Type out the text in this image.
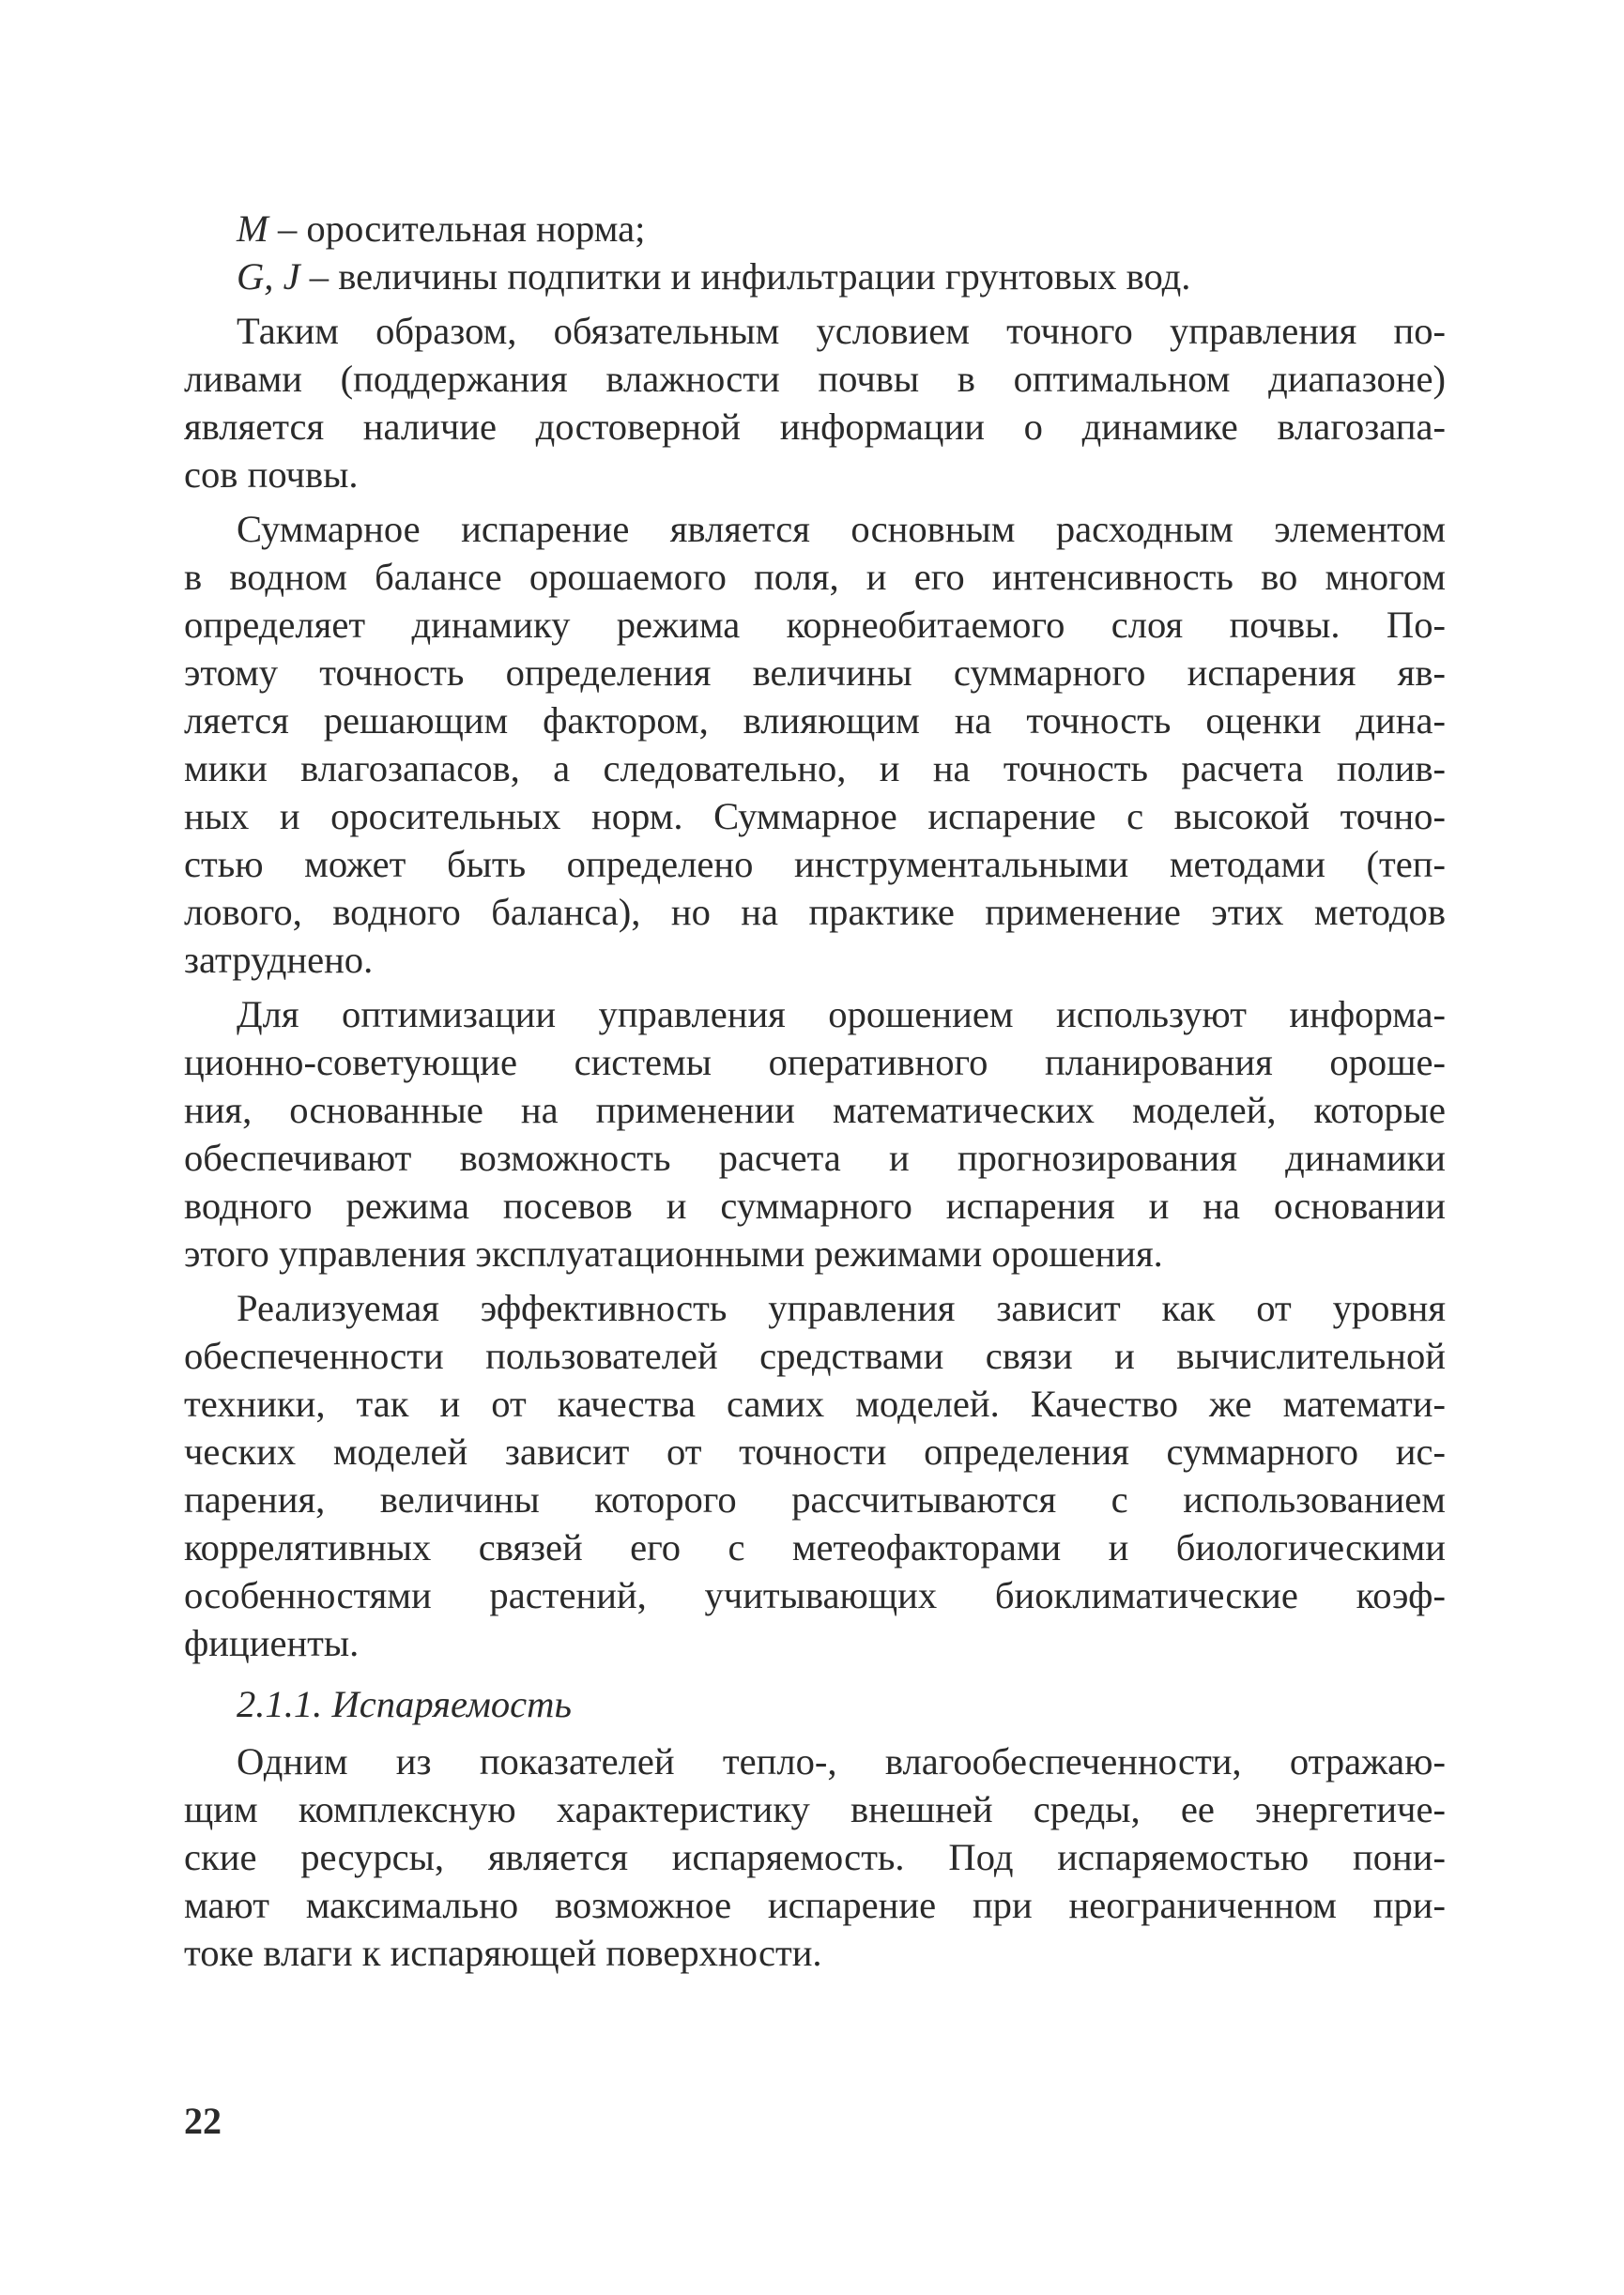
M – оросительная норма;
G, J – величины подпитки и инфильтрации грунтовых вод.
Таким образом, обязательным условием точного управления по-
ливами (поддержания влажности почвы в оптимальном диапазоне)
является наличие достоверной информации о динамике влагозапа-
сов почвы.
Суммарное испарение является основным расходным элементом
в водном балансе орошаемого поля, и его интенсивность во многом
определяет динамику режима корнеобитаемого слоя почвы. По-
этому точность определения величины суммарного испарения яв-
ляется решающим фактором, влияющим на точность оценки дина-
мики влагозапасов, а следовательно, и на точность расчета полив-
ных и оросительных норм. Суммарное испарение с высокой точно-
стью может быть определено инструментальными методами (теп-
лового, водного баланса), но на практике применение этих методов
затруднено.
Для оптимизации управления орошением используют информа-
ционно-советующие системы оперативного планирования ороше-
ния, основанные на применении математических моделей, которые
обеспечивают возможность расчета и прогнозирования динамики
водного режима посевов и суммарного испарения и на основании
этого управления эксплуатационными режимами орошения.
Реализуемая эффективность управления зависит как от уровня
обеспеченности пользователей средствами связи и вычислительной
техники, так и от качества самих моделей. Качество же математи-
ческих моделей зависит от точности определения суммарного ис-
парения, величины которого рассчитываются с использованием
коррелятивных связей его с метеофакторами и биологическими
особенностями растений, учитывающих биоклиматические коэф-
фициенты.
2.1.1. Испаряемость
Одним из показателей тепло-, влагообеспеченности, отражаю-
щим комплексную характеристику внешней среды, ее энергетиче-
ские ресурсы, является испаряемость. Под испаряемостью пони-
мают максимально возможное испарение при неограниченном при-
токе влаги к испаряющей поверхности.
22
